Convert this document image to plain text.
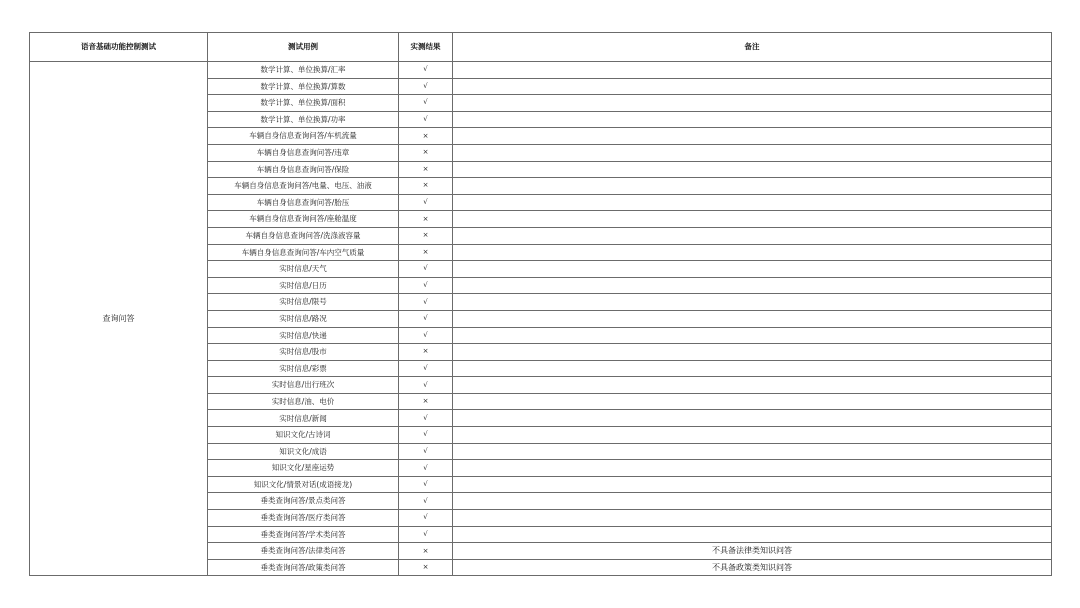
语音基础功能控制测试	测试用例	实测结果	备注
查询问答	数学计算、单位换算/汇率	√	
	数学计算、单位换算/算数	√	
	数学计算、单位换算/面积	√	
	数学计算、单位换算/功率	√	
	车辆自身信息查询问答/车机流量	×	
	车辆自身信息查询问答/违章	×	
	车辆自身信息查询问答/保险	×	
	车辆自身信息查询问答/电量、电压、油液	×	
	车辆自身信息查询问答/胎压	√	
	车辆自身信息查询问答/座舱温度	×	
	车辆自身信息查询问答/洗涤液容量	×	
	车辆自身信息查询问答/车内空气质量	×	
	实时信息/天气	√	
	实时信息/日历	√	
	实时信息/限号	√	
	实时信息/路况	√	
	实时信息/快递	√	
	实时信息/股市	×	
	实时信息/彩票	√	
	实时信息/出行班次	√	
	实时信息/油、电价	×	
	实时信息/新闻	√	
	知识文化/古诗词	√	
	知识文化/成语	√	
	知识文化/星座运势	√	
	知识文化/情景对话(成语接龙)	√	
	垂类查询问答/景点类问答	√	
	垂类查询问答/医疗类问答	√	
	垂类查询问答/学术类问答	√	
	垂类查询问答/法律类问答	×	不具备法律类知识问答
	垂类查询问答/政策类问答	×	不具备政策类知识问答
